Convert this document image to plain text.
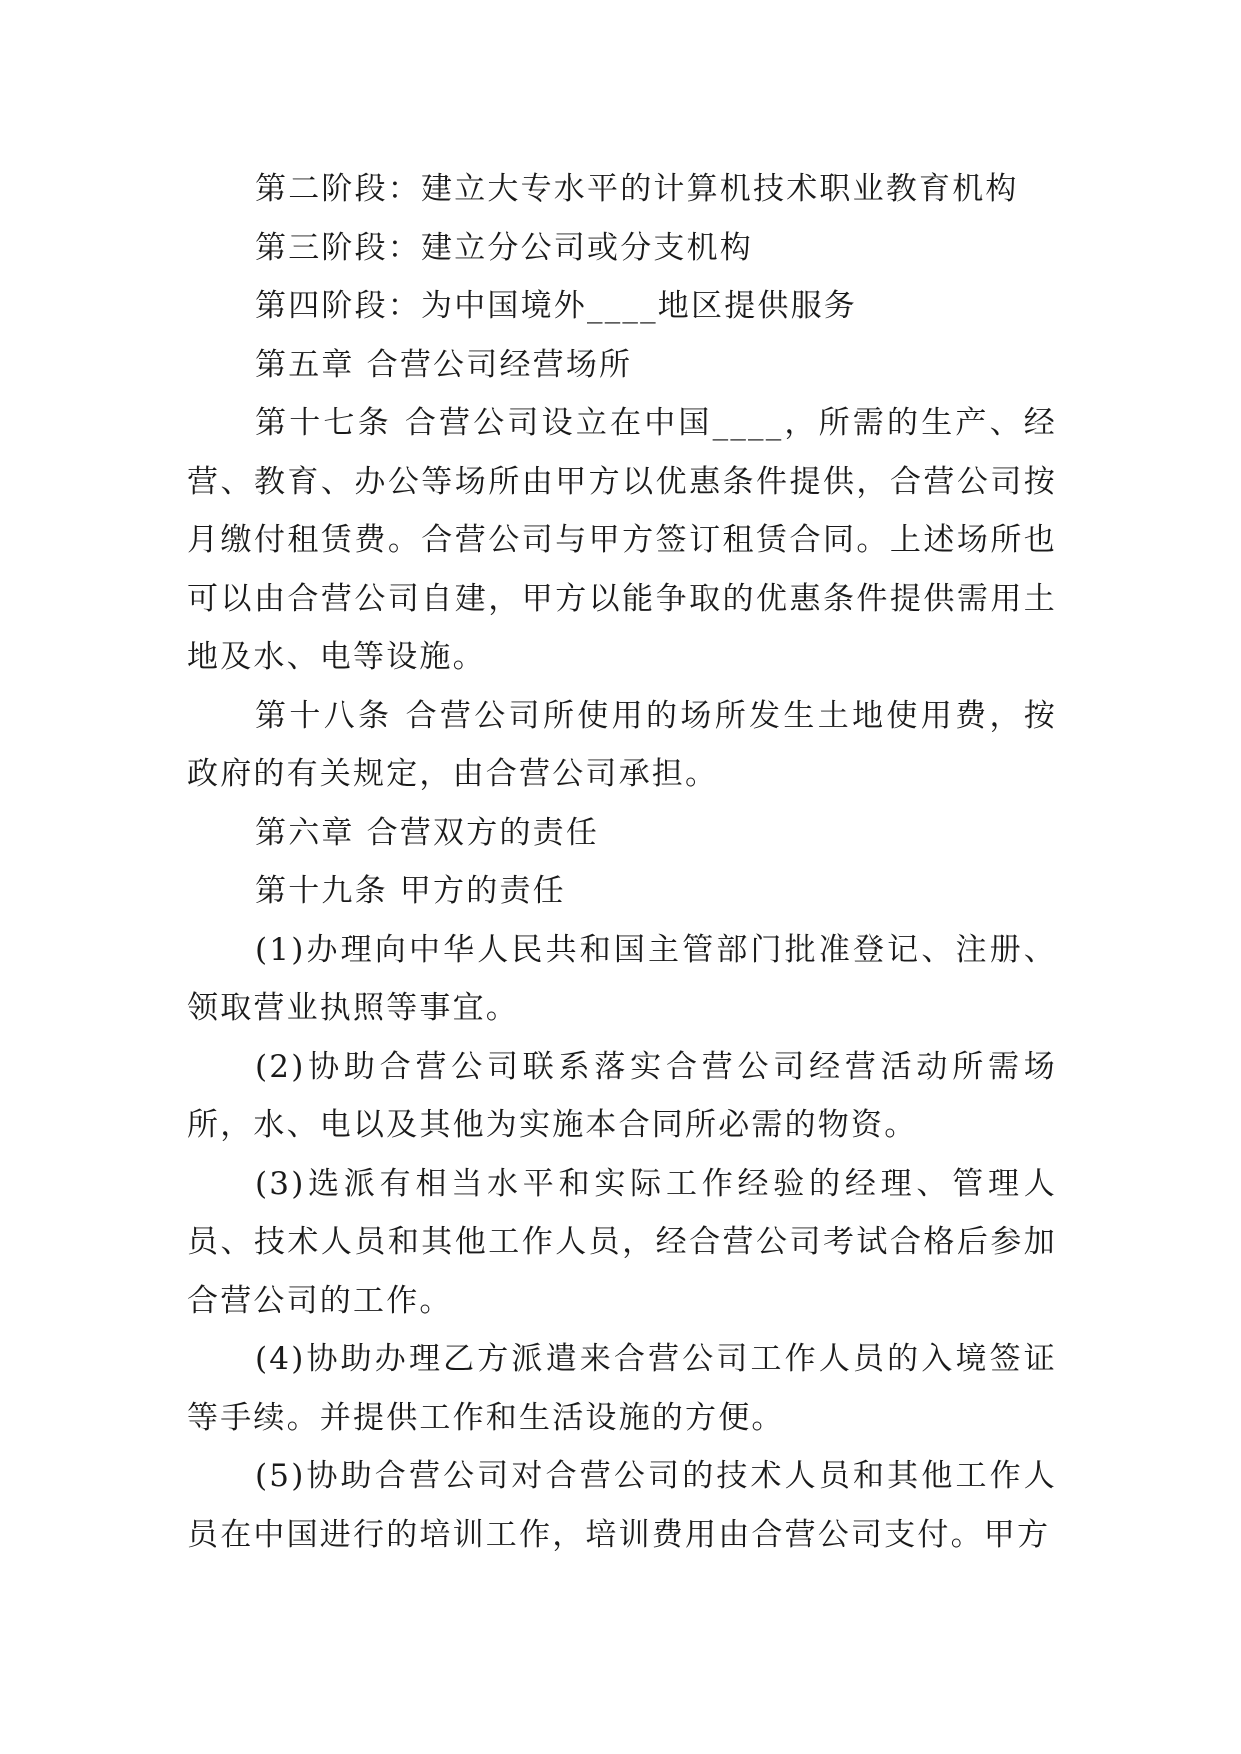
第二阶段：建立大专水平的计算机技术职业教育机构

第三阶段：建立分公司或分支机构

第四阶段：为中国境外____地区提供服务

第五章 合营公司经营场所

第十七条 合营公司设立在中国____，所需的生产、经营、教育、办公等场所由甲方以优惠条件提供，合营公司按月缴付租赁费。合营公司与甲方签订租赁合同。上述场所也可以由合营公司自建，甲方以能争取的优惠条件提供需用土地及水、电等设施。

第十八条 合营公司所使用的场所发生土地使用费，按政府的有关规定，由合营公司承担。

第六章 合营双方的责任

第十九条 甲方的责任

(1)办理向中华人民共和国主管部门批准登记、注册、领取营业执照等事宜。

(2)协助合营公司联系落实合营公司经营活动所需场所，水、电以及其他为实施本合同所必需的物资。

(3)选派有相当水平和实际工作经验的经理、管理人员、技术人员和其他工作人员，经合营公司考试合格后参加合营公司的工作。

(4)协助办理乙方派遣来合营公司工作人员的入境签证等手续。并提供工作和生活设施的方便。

(5)协助合营公司对合营公司的技术人员和其他工作人员在中国进行的培训工作，培训费用由合营公司支付。甲方
